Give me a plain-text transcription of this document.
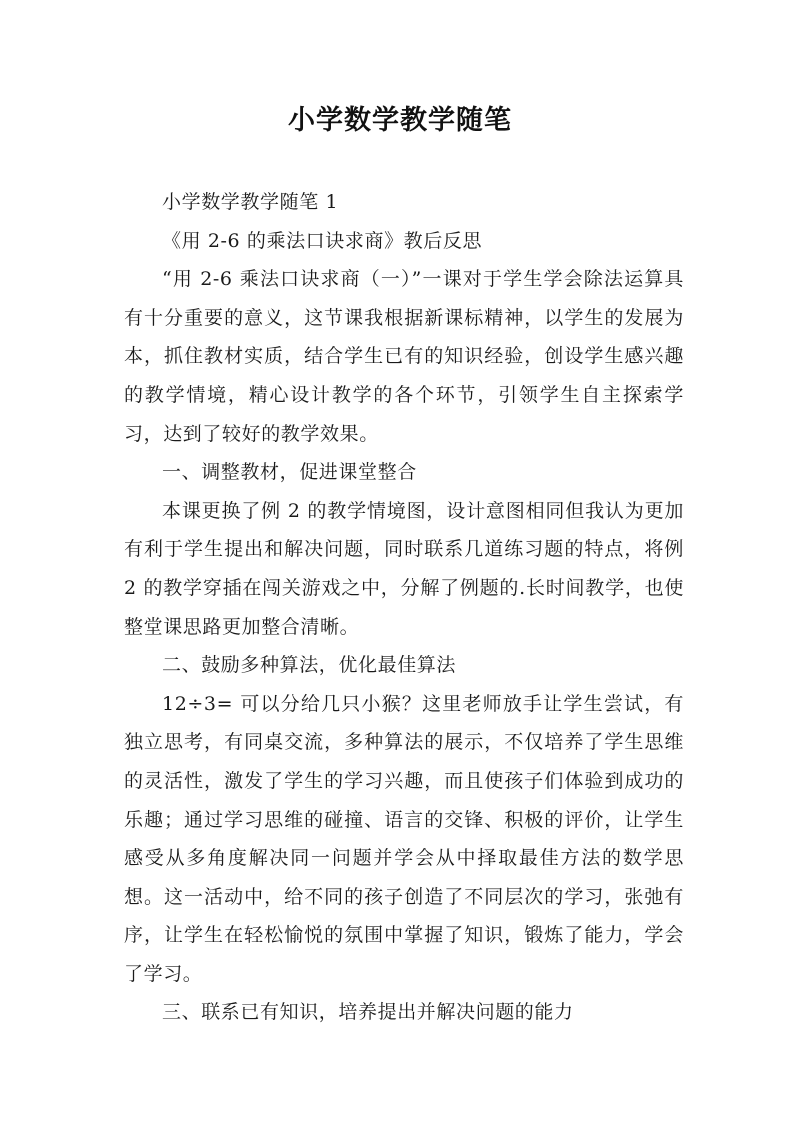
小学数学教学随笔

小学数学教学随笔 1

《用 2-6 的乘法口诀求商》教后反思

“用 2-6 乘法口诀求商（一）”一课对于学生学会除法运算具有十分重要的意义，这节课我根据新课标精神，以学生的发展为本，抓住教材实质，结合学生已有的知识经验，创设学生感兴趣的教学情境，精心设计教学的各个环节，引领学生自主探索学习，达到了较好的教学效果。

一、调整教材，促进课堂整合

本课更换了例 2 的教学情境图，设计意图相同但我认为更加有利于学生提出和解决问题，同时联系几道练习题的特点，将例 2 的教学穿插在闯关游戏之中，分解了例题的.长时间教学，也使整堂课思路更加整合清晰。

二、鼓励多种算法，优化最佳算法

12÷3= 可以分给几只小猴？这里老师放手让学生尝试，有独立思考，有同桌交流，多种算法的展示，不仅培养了学生思维的灵活性，激发了学生的学习兴趣，而且使孩子们体验到成功的乐趣；通过学习思维的碰撞、语言的交锋、积极的评价，让学生感受从多角度解决同一问题并学会从中择取最佳方法的数学思想。这一活动中，给不同的孩子创造了不同层次的学习，张弛有序，让学生在轻松愉悦的氛围中掌握了知识，锻炼了能力，学会了学习。

三、联系已有知识，培养提出并解决问题的能力
